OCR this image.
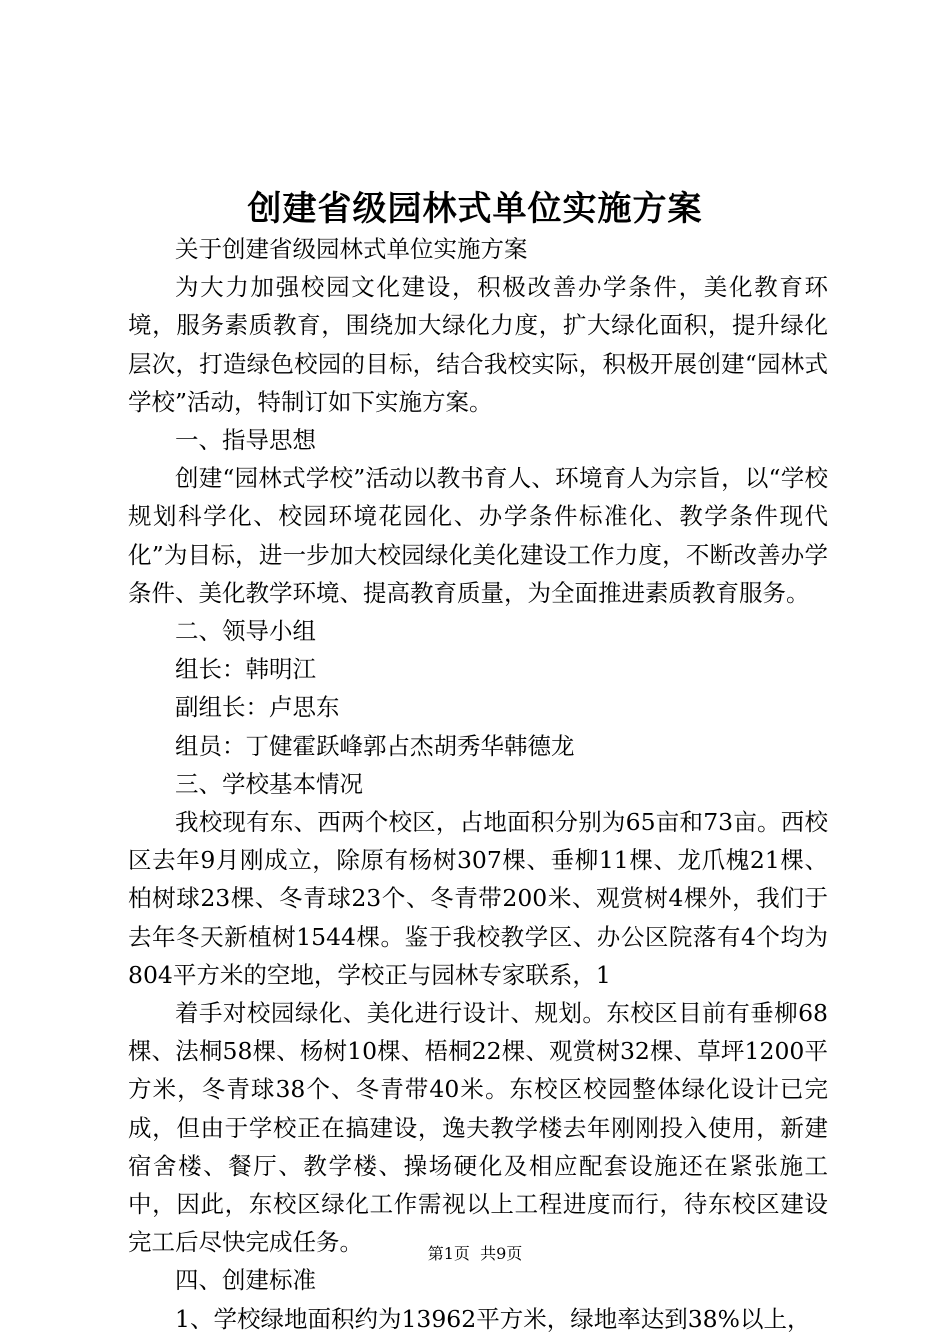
创建省级园林式单位实施方案

关于创建省级园林式单位实施方案

为大力加强校园文化建设，积极改善办学条件，美化教育环境，服务素质教育，围绕加大绿化力度，扩大绿化面积，提升绿化层次，打造绿色校园的目标，结合我校实际，积极开展创建“园林式学校”活动，特制订如下实施方案。

一、指导思想

创建“园林式学校”活动以教书育人、环境育人为宗旨，以“学校规划科学化、校园环境花园化、办学条件标准化、教学条件现代化”为目标，进一步加大校园绿化美化建设工作力度，不断改善办学条件、美化教学环境、提高教育质量，为全面推进素质教育服务。

二、领导小组

组长：韩明江

副组长：卢思东

组员：丁健霍跃峰郭占杰胡秀华韩德龙

三、学校基本情况

我校现有东、西两个校区，占地面积分别为65亩和73亩。西校区去年9月刚成立，除原有杨树307棵、垂柳11棵、龙爪槐21棵、柏树球23棵、冬青球23个、冬青带200米、观赏树4棵外，我们于去年冬天新植树1544棵。鉴于我校教学区、办公区院落有4个均为804平方米的空地，学校正与园林专家联系，1

着手对校园绿化、美化进行设计、规划。东校区目前有垂柳68棵、法桐58棵、杨树10棵、梧桐22棵、观赏树32棵、草坪1200平方米，冬青球38个、冬青带40米。东校区校园整体绿化设计已完成，但由于学校正在搞建设，逸夫教学楼去年刚刚投入使用，新建宿舍楼、餐厅、教学楼、操场硬化及相应配套设施还在紧张施工中，因此，东校区绿化工作需视以上工程进度而行，待东校区建设完工后尽快完成任务。

四、创建标准

1、学校绿地面积约为13962平方米，绿地率达到38%以上，

第1页  共9页
